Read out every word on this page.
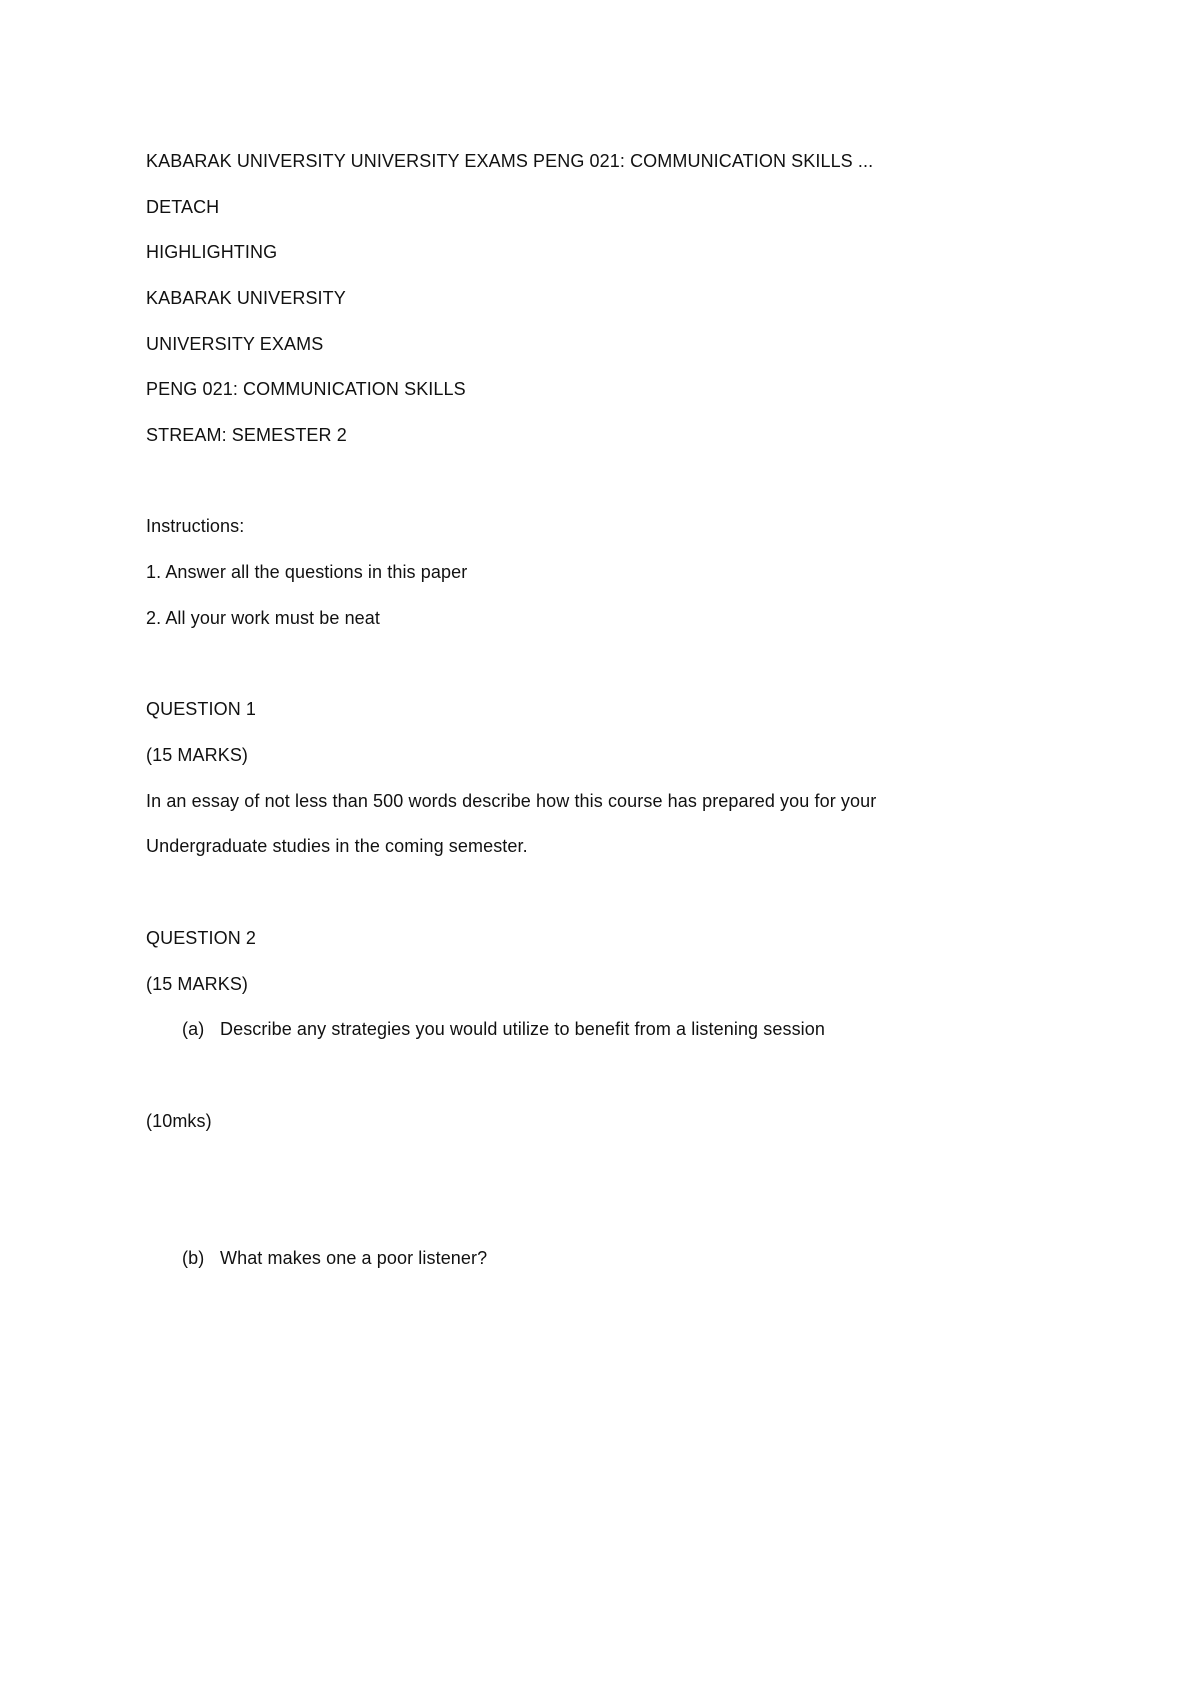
KABARAK UNIVERSITY UNIVERSITY EXAMS PENG 021: COMMUNICATION SKILLS ...
DETACH
HIGHLIGHTING
KABARAK UNIVERSITY
UNIVERSITY EXAMS
PENG 021: COMMUNICATION SKILLS
STREAM: SEMESTER 2
Instructions:
1. Answer all the questions in this paper
2. All your work must be neat
QUESTION 1
(15 MARKS)
In an essay of not less than 500 words describe how this course has prepared you for your
Undergraduate studies in the coming semester.
QUESTION 2
(15 MARKS)
(a) Describe any strategies you would utilize to benefit from a listening session
(10mks)
(b) What makes one a poor listener?
